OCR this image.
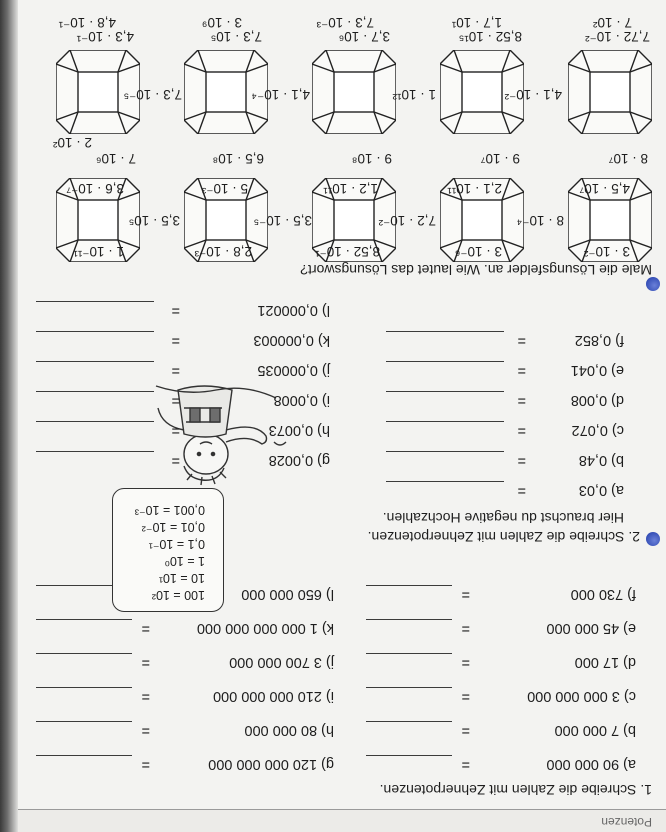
Potenzen
1. Schreibe die Zahlen mit Zehnerpotenzen.
a) 90 000 000
=
b) 7 000 000
=
c) 3 000 000 000
=
d) 17 000
=
e) 45 000 000
=
f) 730 000
=
g) 120 000 000 000
=
h) 80 000 000
=
i) 210 000 000 000
=
j) 3 700 000 000
=
k) 1 000 000 000 000
=
l) 650 000 000
100 = 10²
10 = 10¹
1 = 10⁰
0,1 = 10⁻¹
0,01 = 10⁻²
0,001 = 10⁻³
2. Schreibe die Zahlen mit Zehnerpotenzen.
Hier brauchst du negative Hochzahlen.
a) 0,03
=
b) 0,48
=
c) 0,072
=
d) 0,008
=
e) 0,041
=
f) 0,852
=
g) 0,0028
=
h) 0,0073
=
i) 0,0008
=
j) 0,000035
=
k) 0,000003
=
l) 0,000021
=
Male die Lösungsfelder an. Wie lautet das Lösungswort?
3 · 10⁻²
4,5 · 10⁷
3 · 10⁻⁶
2,1 · 10¹¹
8,52 · 10⁻¹
1,2 · 10¹¹
2,8 · 10⁻³
5 · 10⁻³
1 · 10⁻¹¹
3,6 · 10⁻⁷
8 · 10⁻⁴
7,2 · 10⁻²
3,5 · 10⁻⁵
3,5 · 10⁵
8 · 10⁷
9 · 10⁷
9 · 10⁸
6,5 · 10⁸
7 · 10⁶
7,72 · 10⁻²
8,52 · 10¹⁵
3,7 · 10⁶
7,3 · 10⁵
4,3 · 10⁻¹
4,1 · 10⁻²
1 · 10¹²
4,1 · 10⁻⁴
7,3 · 10⁻⁵
2 · 10²
7 · 10²
1,7 · 10¹
7,3 · 10⁻³
3 · 10⁹
4,8 · 10⁻¹
